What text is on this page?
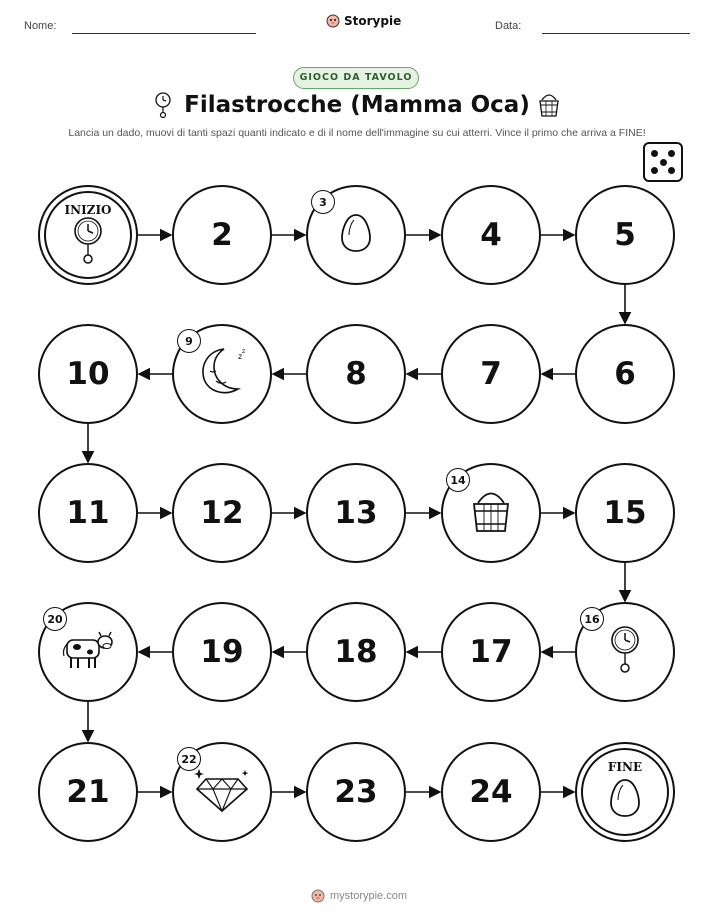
Nome:	Storypie	Data:
GIOCO DA TAVOLO
Filastrocche (Mamma Oca)
Lancia un dado, muovi di tanti spazi quanti indicato e di il nome dell'immagine su cui atterri. Vince il primo che arriva a FINE!
INIZIO
2
3
4	5
6
7
8
z
z
9
10
11	12	13
14
15
16
17
18
19
20
21
22
23	24
FINE
mystorypie.com
